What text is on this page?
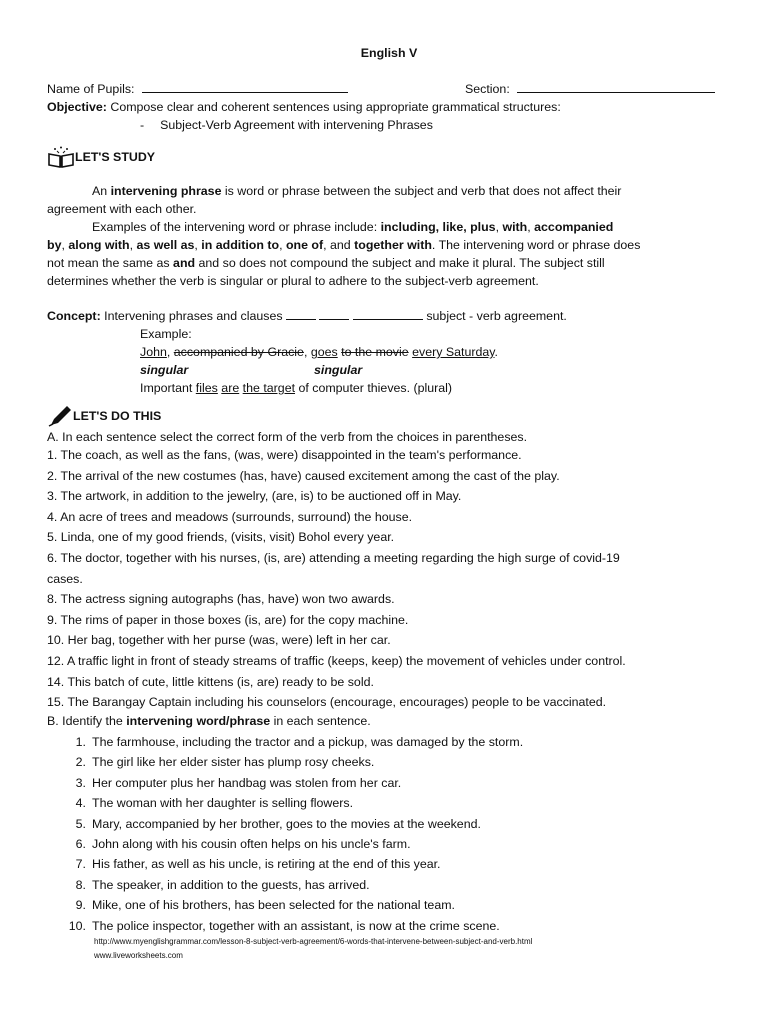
English V
Name of Pupils:	Section:
Objective: Compose clear and coherent sentences using appropriate grammatical structures:
- Subject-Verb Agreement with intervening Phrases
LET'S STUDY
An intervening phrase is word or phrase between the subject and verb that does not affect their
agreement with each other.
Examples of the intervening word or phrase include: including, like, plus, with, accompanied
by, along with, as well as, in addition to, one of, and together with. The intervening word or phrase does
not mean the same as and and so does not compound the subject and make it plural. The subject still
determines whether the verb is singular or plural to adhere to the subject-verb agreement.
Concept: Intervening phrases and clauses	subject - verb agreement.
Example:
John, accompanied by Gracie, goes to the movie every Saturday.
singular	singular
Important files are the target of computer thieves. (plural)
LET'S DO THIS
A. In each sentence select the correct form of the verb from the choices in parentheses.
1. The coach, as well as the fans, (was, were) disappointed in the team's performance.
2. The arrival of the new costumes (has, have) caused excitement among the cast of the play.
3. The artwork, in addition to the jewelry, (are, is) to be auctioned off in May.
4. An acre of trees and meadows (surrounds, surround) the house.
5. Linda, one of my good friends, (visits, visit) Bohol every year.
6. The doctor, together with his nurses, (is, are) attending a meeting regarding the high surge of covid-19
cases.
8. The actress signing autographs (has, have) won two awards.
9. The rims of paper in those boxes (is, are) for the copy machine.
10. Her bag, together with her purse (was, were) left in her car.
12. A traffic light in front of steady streams of traffic (keeps, keep) the movement of vehicles under control.
14. This batch of cute, little kittens (is, are) ready to be sold.
15. The Barangay Captain including his counselors (encourage, encourages) people to be vaccinated.
B. Identify the intervening word/phrase in each sentence.
1. The farmhouse, including the tractor and a pickup, was damaged by the storm.
2. The girl like her elder sister has plump rosy cheeks.
3. Her computer plus her handbag was stolen from her car.
4. The woman with her daughter is selling flowers.
5. Mary, accompanied by her brother, goes to the movies at the weekend.
6. John along with his cousin often helps on his uncle's farm.
7. His father, as well as his uncle, is retiring at the end of this year.
8. The speaker, in addition to the guests, has arrived.
9. Mike, one of his brothers, has been selected for the national team.
10. The police inspector, together with an assistant, is now at the crime scene.
http://www.myenglishgrammar.com/lesson-8-subject-verb-agreement/6-words-that-intervene-between-subject-and-verb.html
www.liveworksheets.com
